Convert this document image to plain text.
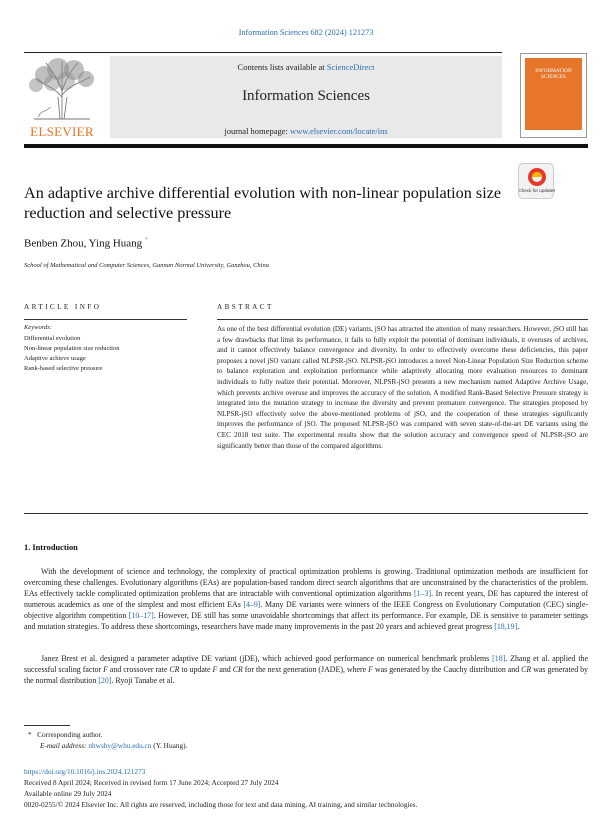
Information Sciences 682 (2024) 121273
ELSEVIER
Contents lists available at ScienceDirect
Information Sciences
journal homepage: www.elsevier.com/locate/ins
INFORMATION SCIENCES
An adaptive archive differential evolution with non-linear population size reduction and selective pressure
Check for updates
Benben Zhou, Ying Huang *
School of Mathematical and Computer Sciences, Gannan Normal University, Ganzhou, China
ARTICLE INFO
Keywords:
Differential evolution
Non-linear population size reduction
Adaptive achieve usage
Rank-based selective pressure
ABSTRACT
As one of the best differential evolution (DE) variants, jSO has attracted the attention of many researchers. However, jSO still has a few drawbacks that limit its performance, it fails to fully exploit the potential of dominant individuals, it overuses of archives, and it cannot effectively balance convergence and diversity. In order to effectively overcome these deficiencies, this paper proposes a novel jSO variant called NLPSR-jSO. NLPSR-jSO introduces a novel Non-Linear Population Size Reduction scheme to balance exploration and exploitation performance while adaptively allocating more evaluation resources to dominant individuals to fully realize their potential. Moreover, NLPSR-jSO presents a new mechanism named Adaptive Archive Usage, which prevents archive overuse and improves the accuracy of the solution. A modified Rank-Based Selective Pressure strategy is integrated into the mutation strategy to increase the diversity and prevent premature convergence. The strategies proposed by NLPSR-jSO effectively solve the above-mentioned problems of jSO, and the cooperation of these strategies significantly improves the performance of jSO. The proposed NLPSR-jSO was compared with seven state-of-the-art DE variants using the CEC 2018 test suite. The experimental results show that the solution accuracy and convergence speed of NLPSR-jSO are significantly better than those of the compared algorithms.
1. Introduction
With the development of science and technology, the complexity of practical optimization problems is growing. Traditional optimization methods are insufficient for overcoming these challenges. Evolutionary algorithms (EAs) are population-based random direct search algorithms that are unconstrained by the characteristics of the problem. EAs effectively tackle complicated optimization problems that are intractable with conventional optimization algorithms [1–3]. In recent years, DE has captured the interest of numerous academics as one of the simplest and most efficient EAs [4–9]. Many DE variants were winners of the IEEE Congress on Evolutionary Computation (CEC) single-objective algorithm competition [10–17]. However, DE still has some unavoidable shortcomings that affect its performance. For example, DE is sensitive to parameter settings and mutation strategies. To address these shortcomings, researchers have made many improvements in the past 20 years and achieved great progress [18,19].
Janez Brest et al. designed a parameter adaptive DE variant (jDE), which achieved good performance on numerical benchmark problems [18]. Zhang et al. applied the successful scaling factor F and crossover rate CR to update F and CR for the next generation (JADE), where F was generated by the Cauchy distribution and CR was generated by the normal distribution [20]. Ryoji Tanabe et al.
* Corresponding author.
E-mail address: nhwshy@whu.edu.cn (Y. Huang).
https://doi.org/10.1016/j.ins.2024.121273
Received 8 April 2024; Received in revised form 17 June 2024; Accepted 27 July 2024
Available online 29 July 2024
0020-0255/© 2024 Elsevier Inc. All rights are reserved, including those for text and data mining, AI training, and similar technologies.
